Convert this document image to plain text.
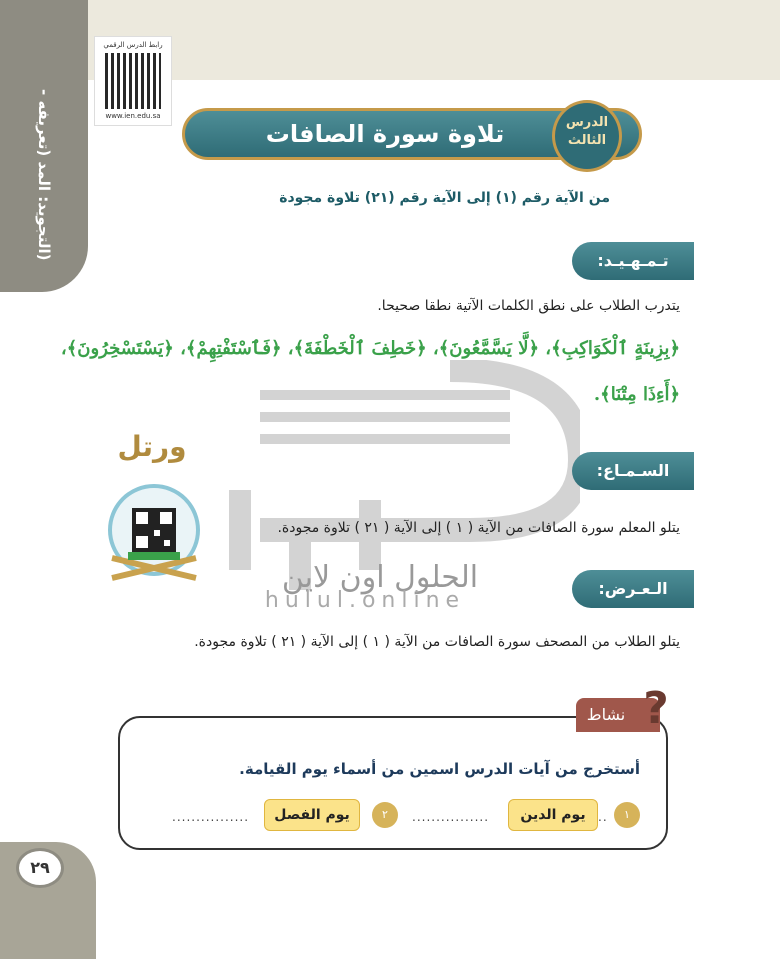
(التجويد: المد (تعريفه -
رابط الدرس الرقمي
www.ien.edu.sa
تلاوة سورة الصافات	الدرس
الثالث
من الآية رقم (١) إلى الآية رقم (٢١) تلاوة مجودة
تـمـهـيـد:
يتدرب الطلاب على نطق الكلمات الآتية نطقا صحيحا.
﴿بِزِينَةٍ ٱلْكَوَاكِبِ﴾، ﴿لَّا يَسَّمَّعُونَ﴾، ﴿خَطِفَ ٱلْخَطْفَةَ﴾، ﴿فَٱسْتَفْتِهِمْ﴾، ﴿يَسْتَسْخِرُونَ﴾،
﴿أَءِذَا مِتْنَا﴾.
الحلول اون لاين
hulul.online
السـمـاع:
ورتل
يتلو المعلم سورة الصافات من الآية ( ١ ) إلى الآية ( ٢١ ) تلاوة مجودة.
الـعـرض:
يتلو الطلاب من المصحف سورة الصافات من الآية ( ١ ) إلى الآية ( ٢١ ) تلاوة مجودة.
نشاط ?
أستخرج من آيات الدرس اسمين من أسماء يوم القيامة.
١
..
يوم الدين
................
٢
يوم الفصل
................
٢٩
